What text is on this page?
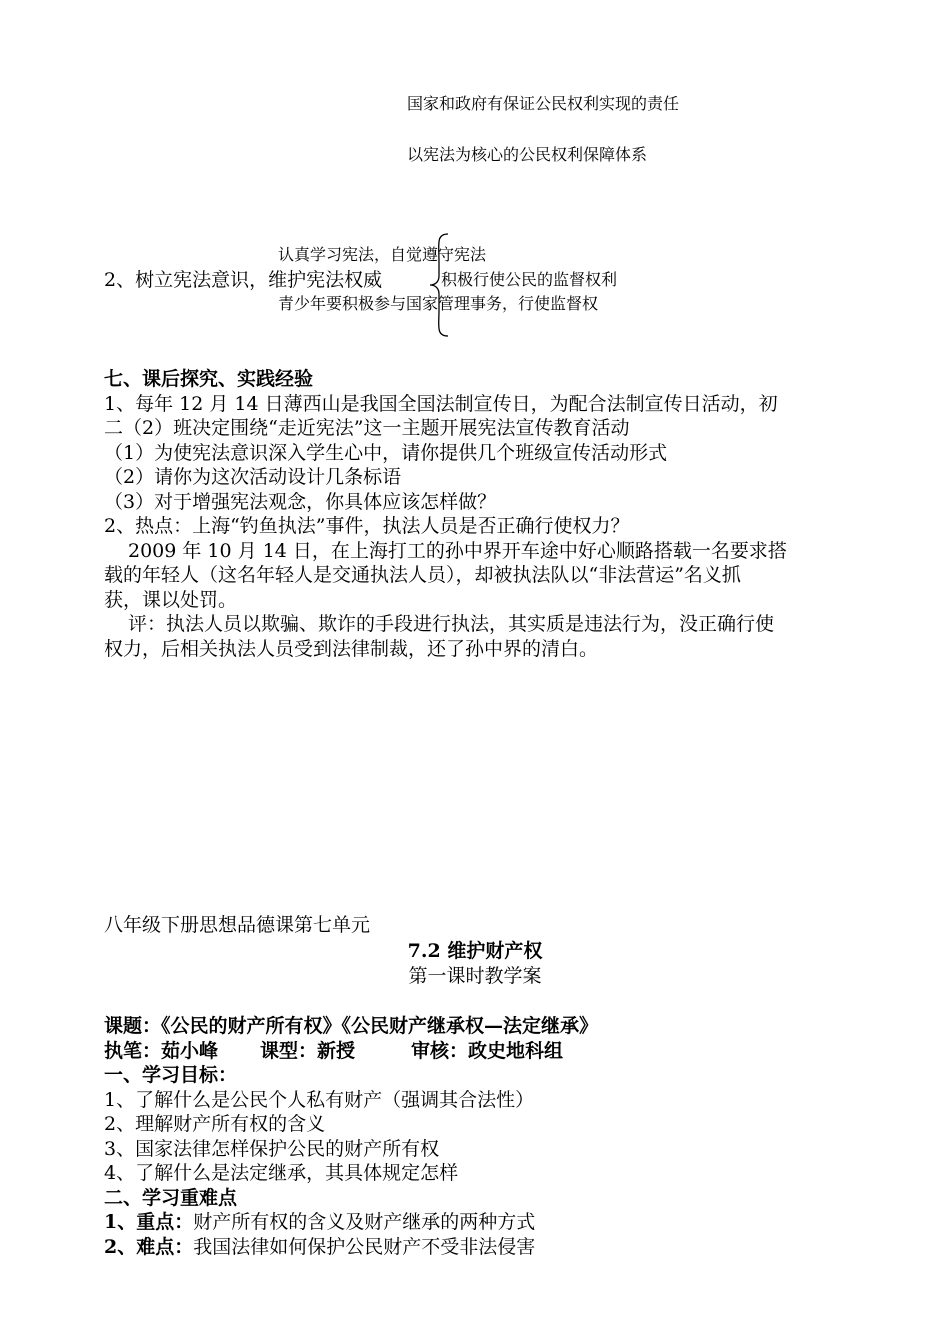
国家和政府有保证公民权利实现的责任
以宪法为核心的公民权利保障体系
认真学习宪法，自觉遵守宪法
2、树立宪法意识，维护宪法权威	积极行使公民的监督权利
青少年要积极参与国家管理事务，行使监督权
七、课后探究、实践经验
1、每年 12 月 14 日薄西山是我国全国法制宣传日，为配合法制宣传日活动，初
二（2）班决定围绕“走近宪法”这一主题开展宪法宣传教育活动
（1）为使宪法意识深入学生心中，请你提供几个班级宣传活动形式
（2）请你为这次活动设计几条标语
（3）对于增强宪法观念，你具体应该怎样做？
2、热点：上海“钓鱼执法”事件，执法人员是否正确行使权力？
2009 年 10 月 14 日，在上海打工的孙中界开车途中好心顺路搭载一名要求搭
载的年轻人（这名年轻人是交通执法人员），却被执法队以“非法营运”名义抓
获，课以处罚。
评：执法人员以欺骗、欺诈的手段进行执法，其实质是违法行为，没正确行使
权力，后相关执法人员受到法律制裁，还了孙中界的清白。
八年级下册思想品德课第七单元
7.2 维护财产权
第一课时教学案
课题：《公民的财产所有权》《公民财产继承权—法定继承》
执笔：茹小峰 课型：新授	审核：政史地科组
一、学习目标：
1、了解什么是公民个人私有财产（强调其合法性）
2、理解财产所有权的含义
3、国家法律怎样保护公民的财产所有权
4、了解什么是法定继承，其具体规定怎样
二、学习重难点
1、重点：财产所有权的含义及财产继承的两种方式
2、难点：我国法律如何保护公民财产不受非法侵害
